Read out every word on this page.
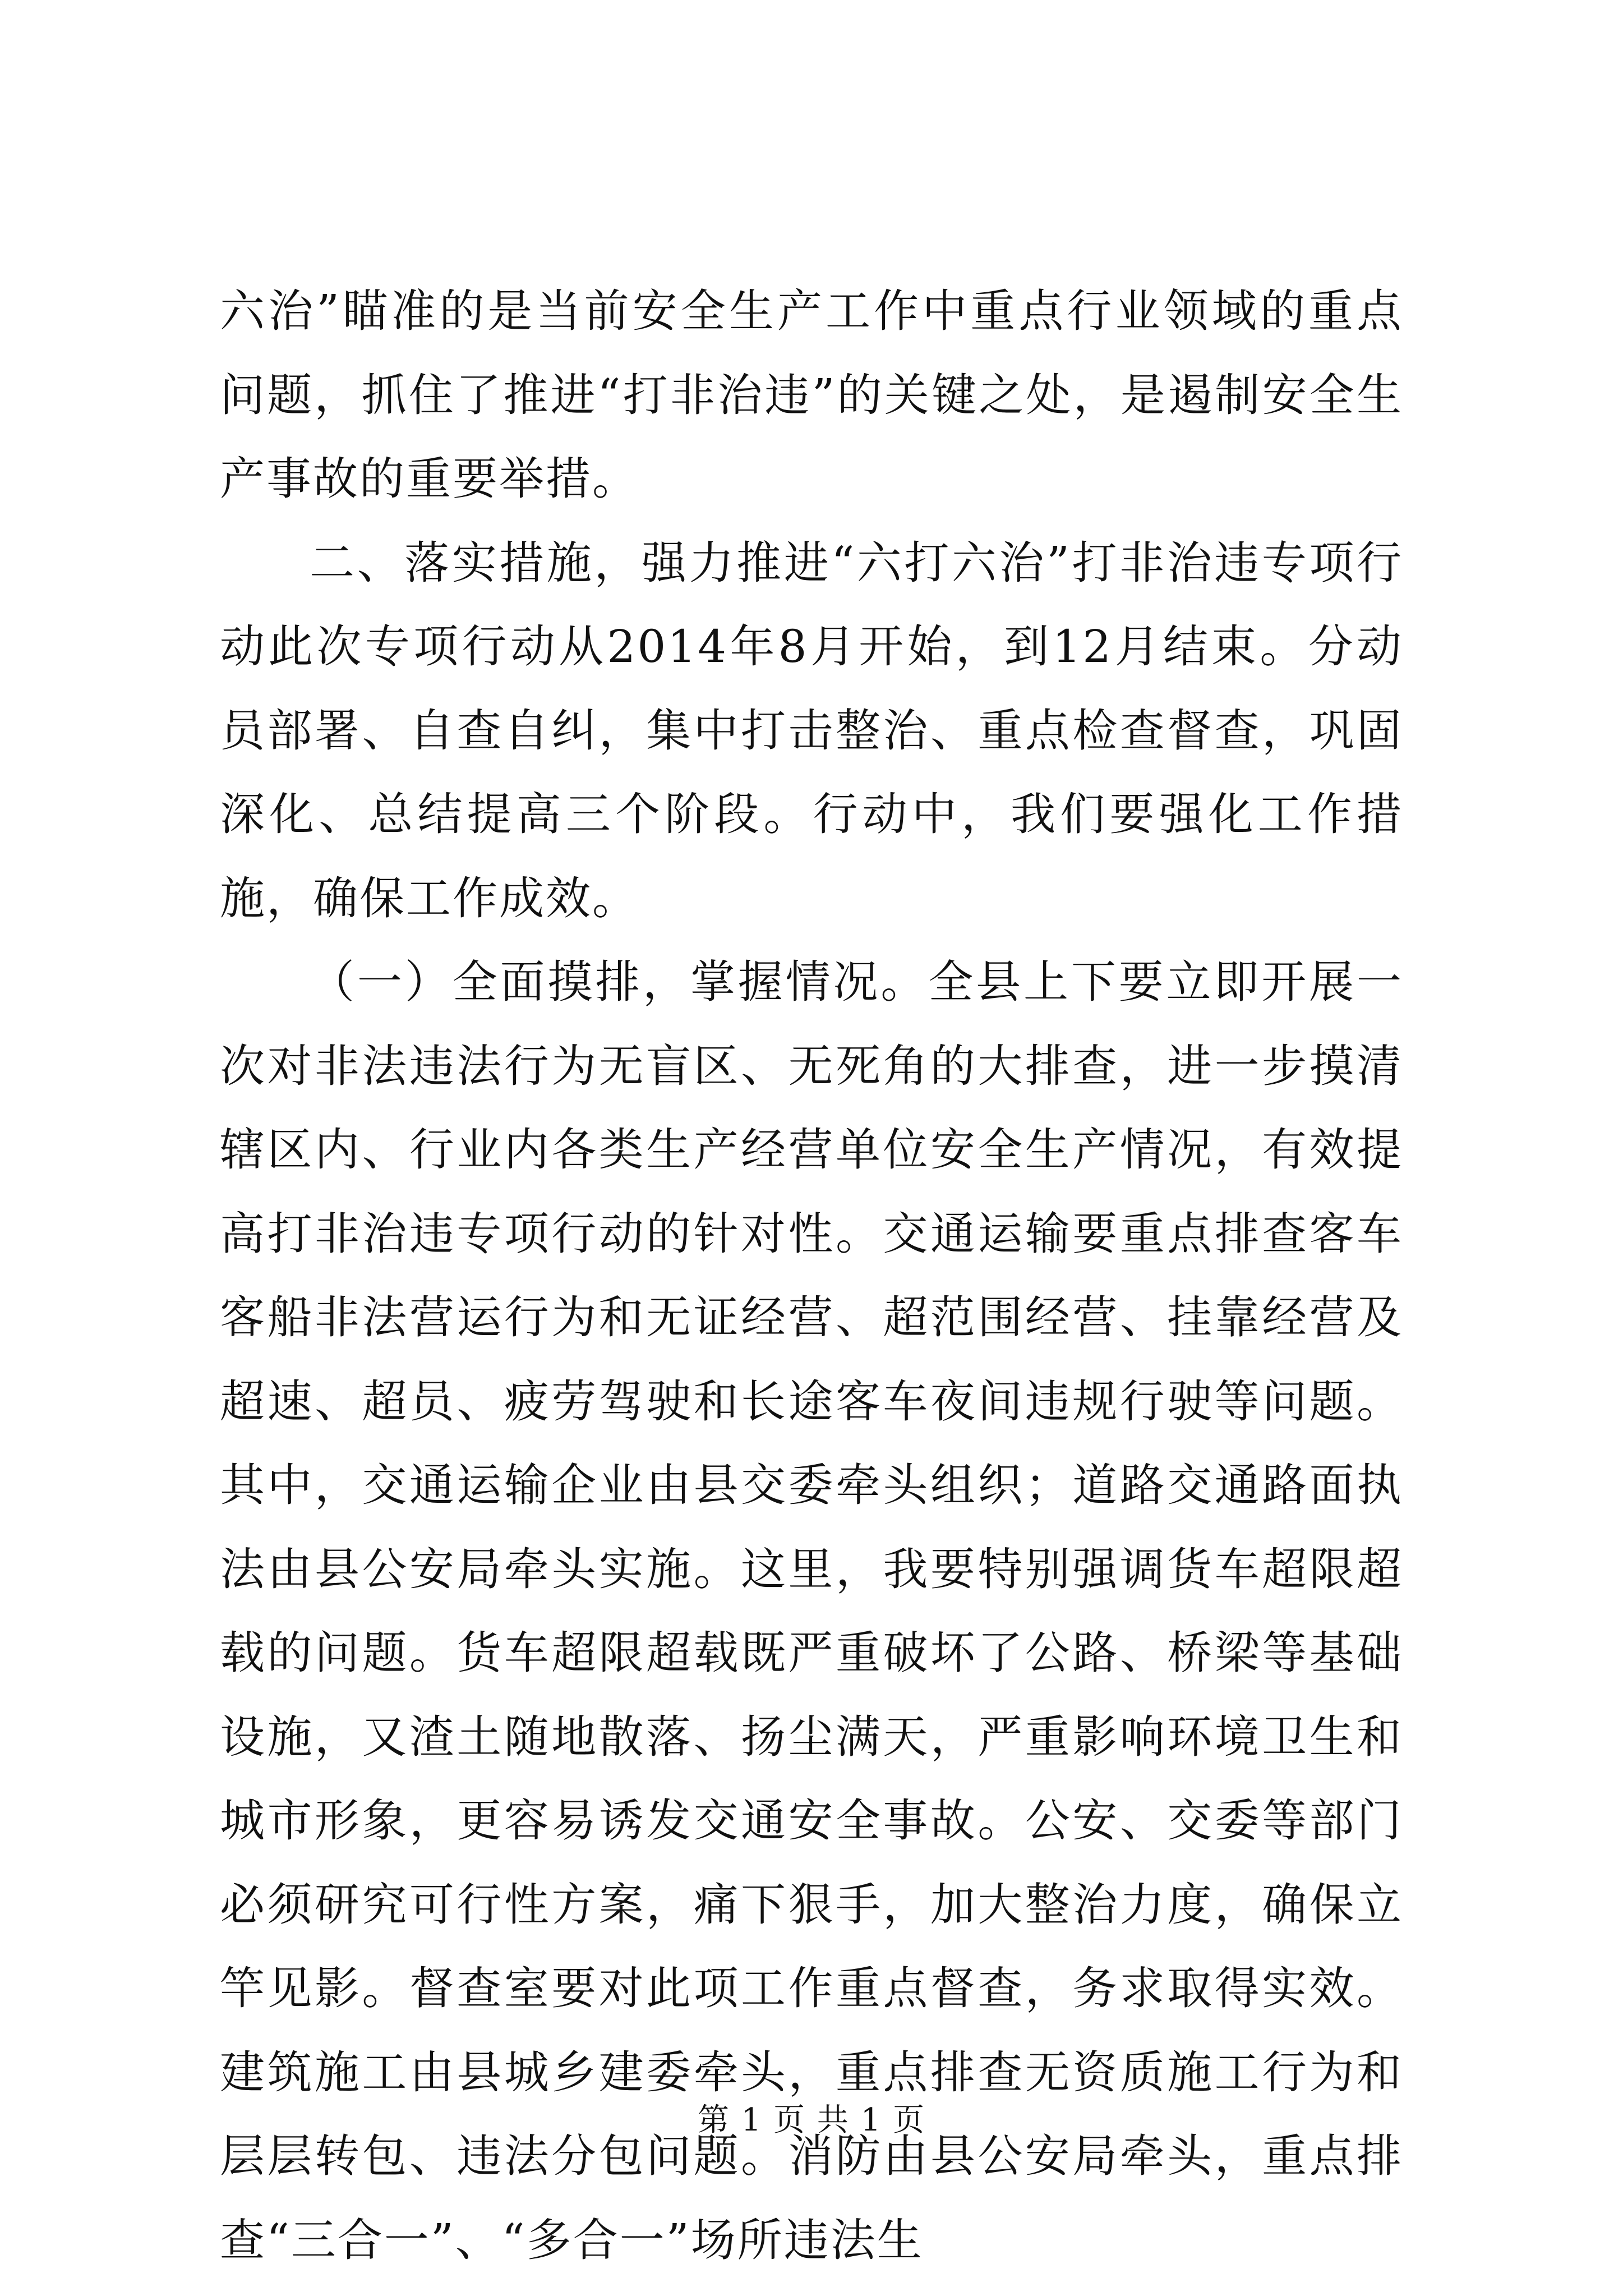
六治”瞄准的是当前安全生产工作中重点行业领域的重点问题，抓住了推进“打非治违”的关键之处，是遏制安全生产事故的重要举措。

二、落实措施，强力推进“六打六治”打非治违专项行动此次专项行动从2014年8月开始，到12月结束。分动员部署、自查自纠，集中打击整治、重点检查督查，巩固深化、总结提高三个阶段。行动中，我们要强化工作措施，确保工作成效。

（一）全面摸排，掌握情况。全县上下要立即开展一次对非法违法行为无盲区、无死角的大排查，进一步摸清辖区内、行业内各类生产经营单位安全生产情况，有效提高打非治违专项行动的针对性。交通运输要重点排查客车客船非法营运行为和无证经营、超范围经营、挂靠经营及超速、超员、疲劳驾驶和长途客车夜间违规行驶等问题。其中，交通运输企业由县交委牵头组织；道路交通路面执法由县公安局牵头实施。这里，我要特别强调货车超限超载的问题。货车超限超载既严重破坏了公路、桥梁等基础设施，又渣土随地散落、扬尘满天，严重影响环境卫生和城市形象，更容易诱发交通安全事故。公安、交委等部门必须研究可行性方案，痛下狠手，加大整治力度，确保立竿见影。督查室要对此项工作重点督查，务求取得实效。建筑施工由县城乡建委牵头，重点排查无资质施工行为和层层转包、违法分包问题。消防由县公安局牵头，重点排查“三合一”、“多合一”场所违法生

第 1 页 共 1 页
